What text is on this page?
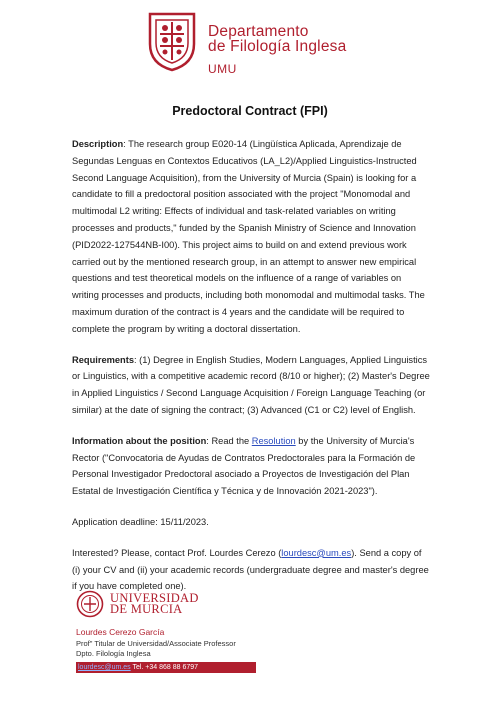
Departamento
de Filología Inglesa
UMU
Predoctoral Contract (FPI)

Description: The research group E020-14 (Lingüística Aplicada, Aprendizaje de Segundas Lenguas en Contextos Educativos (LA_L2)/Applied Linguistics-Instructed Second Language Acquisition), from the University of Murcia (Spain) is looking for a candidate to fill a predoctoral position associated with the project "Monomodal and multimodal L2 writing: Effects of individual and task-related variables on writing processes and products," funded by the Spanish Ministry of Science and Innovation (PID2022-127544NB-I00). This project aims to build on and extend previous work carried out by the mentioned research group, in an attempt to answer new empirical questions and test theoretical models on the influence of a range of variables on writing processes and products, including both monomodal and multimodal tasks. The maximum duration of the contract is 4 years and the candidate will be required to complete the program by writing a doctoral dissertation.

Requirements: (1) Degree in English Studies, Modern Languages, Applied Linguistics or Linguistics, with a competitive academic record (8/10 or higher); (2) Master's Degree in Applied Linguistics / Second Language Acquisition / Foreign Language Teaching (or similar) at the date of signing the contract; (3) Advanced (C1 or C2) level of English.

Information about the position: Read the Resolution by the University of Murcia's Rector ("Convocatoria de Ayudas de Contratos Predoctorales para la Formación de Personal Investigador Predoctoral asociado a Proyectos de Investigación del Plan Estatal de Investigación Científica y Técnica y de Innovación 2021-2023").

Application deadline: 15/11/2023.

Interested? Please, contact Prof. Lourdes Cerezo (lourdesc@um.es). Send a copy of (i) your CV and (ii) your academic records (undergraduate degree and master's degree if you have completed one).

UNIVERSIDAD
DE MURCIA
Lourdes Cerezo García
Prof" Titular de Universidad/Associate Professor
Dpto. Filología Inglesa
lourdesc@um.es Tel. +34 868 88 6797
